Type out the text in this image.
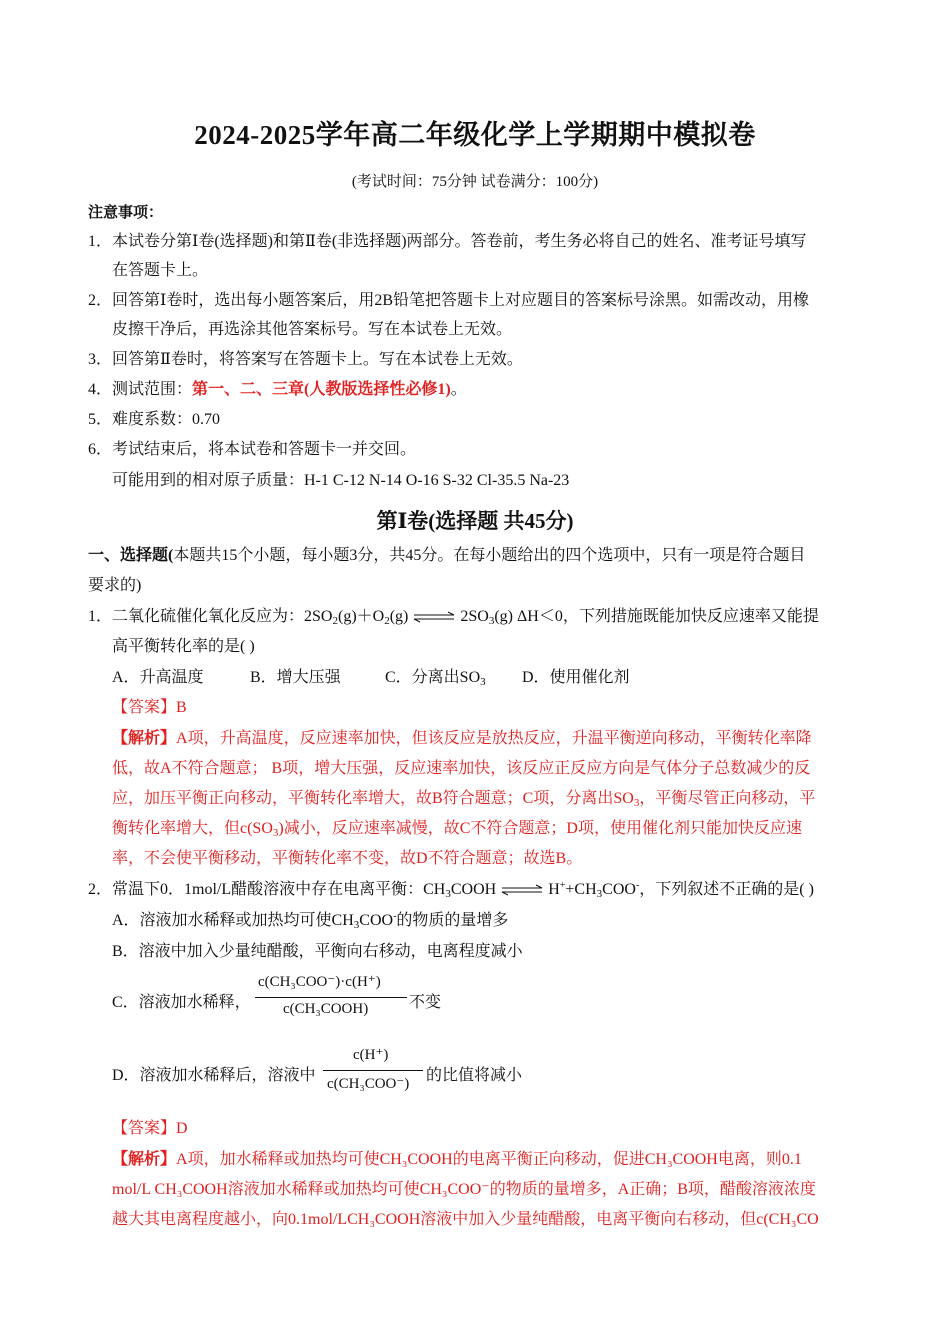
2024-2025学年高二年级化学上学期期中模拟卷
(考试时间：75分钟 试卷满分：100分)
注意事项：
1．本试卷分第Ⅰ卷(选择题)和第Ⅱ卷(非选择题)两部分。答卷前，考生务必将自己的姓名、准考证号填写
在答题卡上。
2．回答第Ⅰ卷时，选出每小题答案后，用2B铅笔把答题卡上对应题目的答案标号涂黑。如需改动，用橡
皮擦干净后，再选涂其他答案标号。写在本试卷上无效。
3．回答第Ⅱ卷时，将答案写在答题卡上。写在本试卷上无效。
4．测试范围：第一、二、三章(人教版选择性必修1)。
5．难度系数：0.70
6．考试结束后，将本试卷和答题卡一并交回。
可能用到的相对原子质量：H-1 C-12 N-14 O-16 S-32 Cl-35.5 Na-23
第Ⅰ卷(选择题 共45分)
一、选择题(本题共15个小题，每小题3分，共45分。在每小题给出的四个选项中，只有一项是符合题目
要求的)
1．二氧化硫催化氧化反应为：$2SO_2(g)+O_2(g)$ ⇌ $2SO_3(g)$ ΔH＜0，下列措施既能加快反应速率又能提
高平衡转化率的是( )
A．升高温度	B．增大压强	C．分离出$SO_3$ D．使用催化剂
【答案】B
【解析】A项，升高温度，反应速率加快，但该反应是放热反应，升温平衡逆向移动，平衡转化率降
低，故A不符合题意； B项，增大压强，反应速率加快，该反应正反应方向是气体分子总数减少的反
应，加压平衡正向移动，平衡转化率增大，故B符合题意；C项，分离出$SO_3$，平衡尽管正向移动，平
衡转化率增大，但$c(SO_3)$减小，反应速率减慢，故C不符合题意；D项，使用催化剂只能加快反应速
率，不会使平衡移动，平衡转化率不变，故D不符合题意；故选B。
2．常温下0．1mol/L醋酸溶液中存在电离平衡：$CH_3COOH$ ⇌ $H^++CH_3COO^-$，下列叙述不正确的是( )
A．溶液加水稀释或加热均可使$CH_3COO^-$的物质的量增多
B．溶液中加入少量纯醋酸，平衡向右移动，电离程度减小
C．溶液加水稀释，
c(CH₃COO⁻)·c(H⁺)
c(CH₃COOH)	不变
D．溶液加水稀释后，溶液中
c(H⁺)
c(CH₃COO⁻) 的比值将减小
【答案】D
【解析】A项，加水稀释或加热均可使CH₃COOH的电离平衡正向移动，促进CH₃COOH电离，则0.1
mol/L CH₃COOH溶液加水稀释或加热均可使CH₃COO⁻的物质的量增多，A正确；B项，醋酸溶液浓度
越大其电离程度越小，向0.1mol/LCH₃COOH溶液中加入少量纯醋酸，电离平衡向右移动，但c(CH₃CO
